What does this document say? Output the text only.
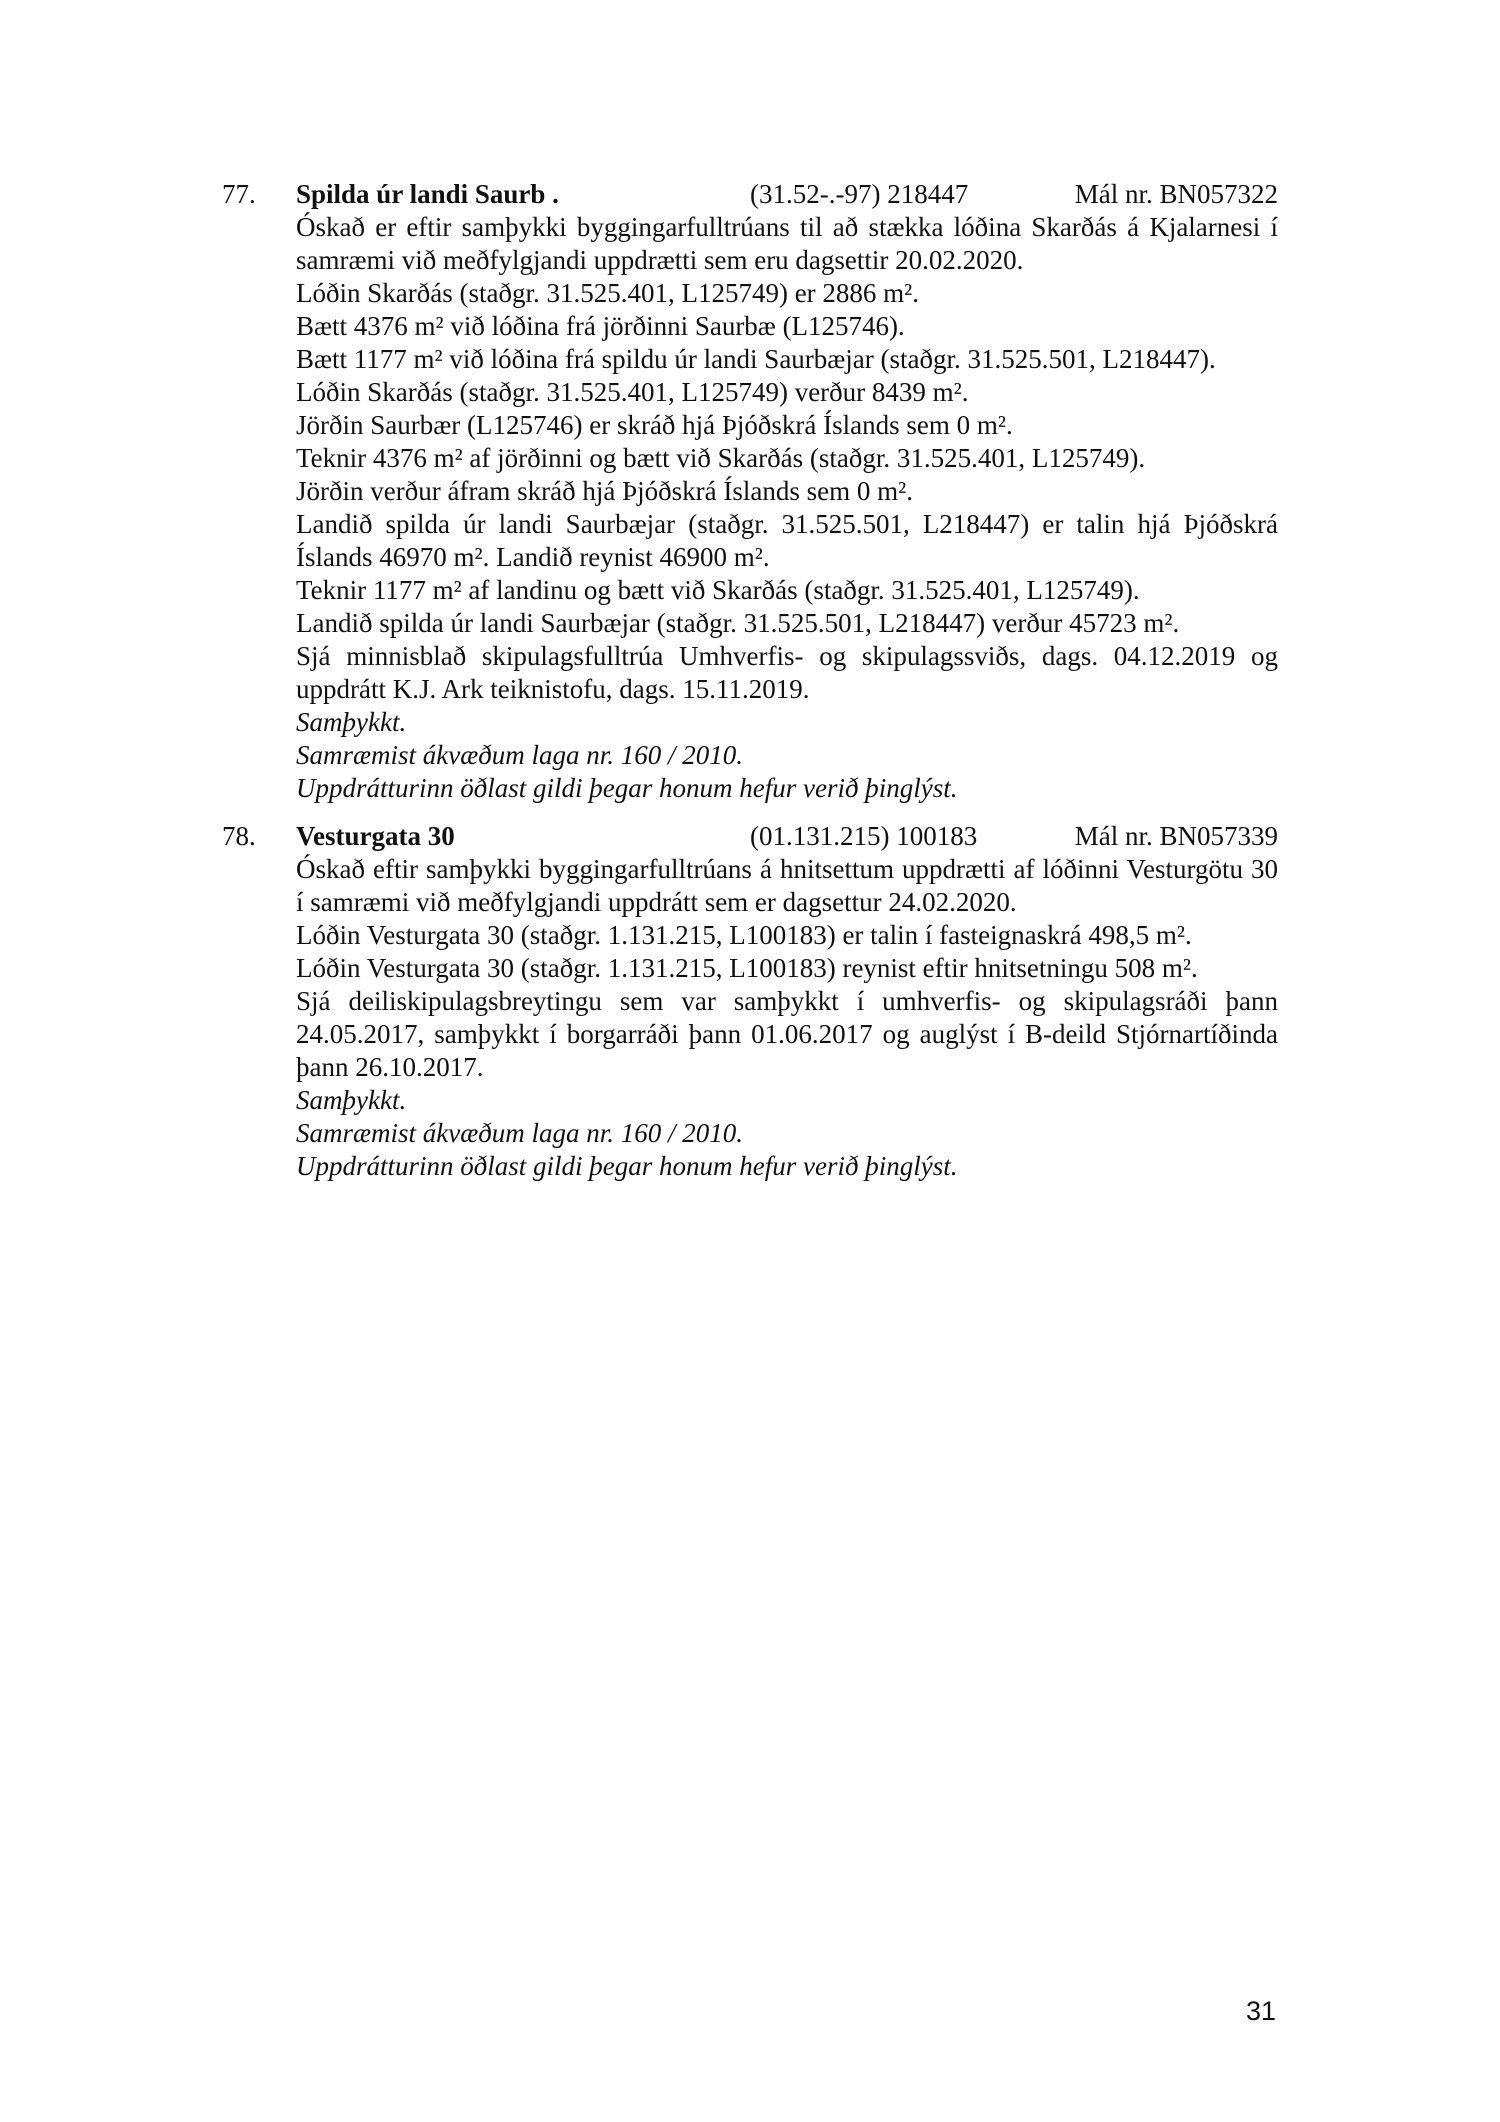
77. Spilda úr landi Saurb .	(31.52-.-97) 218447	Mál nr. BN057322
Óskað er eftir samþykki byggingarfulltrúans til að stækka lóðina Skarðás á Kjalarnesi í samræmi við meðfylgjandi uppdrætti sem eru dagsettir 20.02.2020.
Lóðin Skarðás (staðgr. 31.525.401, L125749) er 2886 m².
Bætt 4376 m² við lóðina frá jörðinni Saurbæ (L125746).
Bætt 1177 m² við lóðina frá spildu úr landi Saurbæjar (staðgr. 31.525.501, L218447).
Lóðin Skarðás (staðgr. 31.525.401, L125749) verður 8439 m².
Jörðin Saurbær (L125746) er skráð hjá Þjóðskrá Íslands sem 0 m².
Teknir 4376 m² af jörðinni og bætt við Skarðás (staðgr. 31.525.401, L125749).
Jörðin verður áfram skráð hjá Þjóðskrá Íslands sem 0 m².
Landið spilda úr landi Saurbæjar (staðgr. 31.525.501, L218447) er talin hjá Þjóðskrá Íslands 46970 m². Landið reynist 46900 m².
Teknir 1177 m² af landinu og bætt við Skarðás (staðgr. 31.525.401, L125749).
Landið spilda úr landi Saurbæjar (staðgr. 31.525.501, L218447) verður 45723 m².
Sjá minnisblað skipulagsfulltrúa Umhverfis- og skipulagssviðs, dags. 04.12.2019 og uppdrátt K.J. Ark teiknistofu, dags. 15.11.2019.
Samþykkt.
Samræmist ákvæðum laga nr. 160 / 2010.
Uppdrátturinn öðlast gildi þegar honum hefur verið þinglýst.
78. Vesturgata 30	(01.131.215) 100183	Mál nr. BN057339
Óskað eftir samþykki byggingarfulltrúans á hnitsettum uppdrætti af lóðinni Vesturgötu 30 í samræmi við meðfylgjandi uppdrátt sem er dagsettur 24.02.2020.
Lóðin Vesturgata 30 (staðgr. 1.131.215, L100183) er talin í fasteignaskrá 498,5 m².
Lóðin Vesturgata 30 (staðgr. 1.131.215, L100183) reynist eftir hnitsetningu 508 m².
Sjá deiliskipulagsbreytingu sem var samþykkt í umhverfis- og skipulagsráði þann 24.05.2017, samþykkt í borgarráði þann 01.06.2017 og auglýst í B-deild Stjórnartíðinda þann 26.10.2017.
Samþykkt.
Samræmist ákvæðum laga nr. 160 / 2010.
Uppdrátturinn öðlast gildi þegar honum hefur verið þinglýst.
31
